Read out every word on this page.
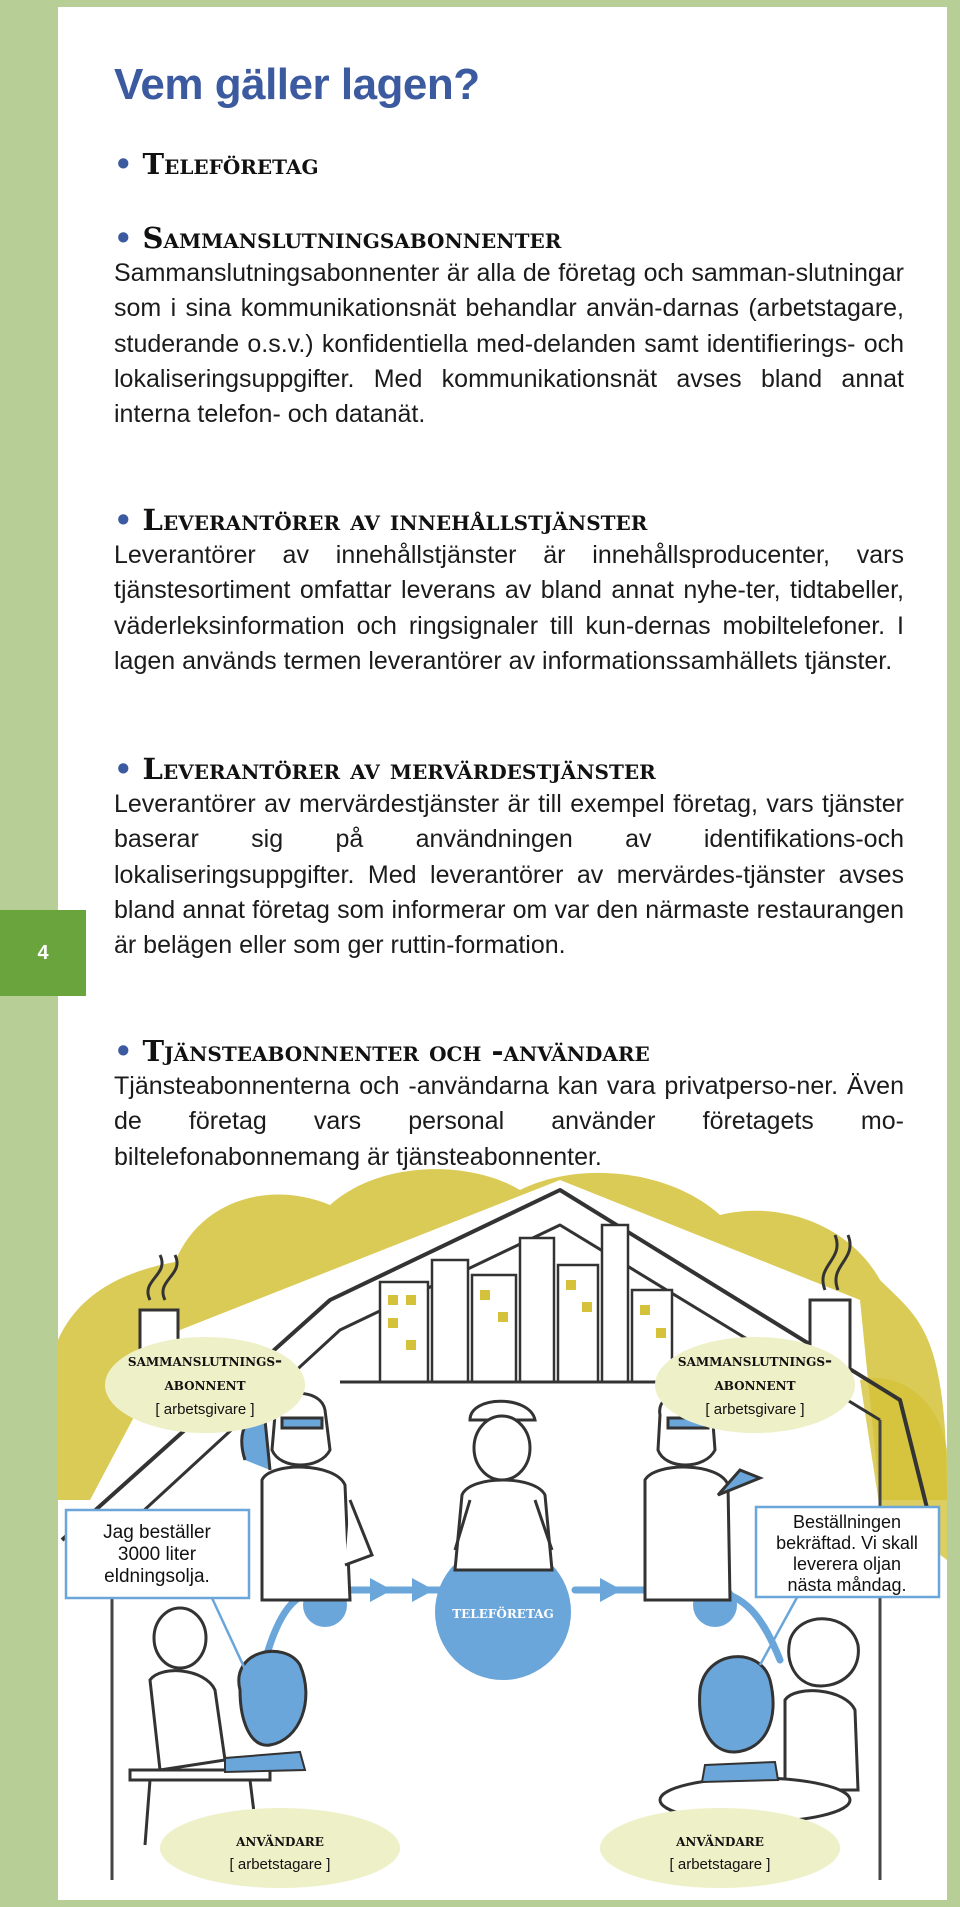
4
Vem gäller lagen?
• Teleföretag
• Sammanslutningsabonnenter

Sammanslutningsabonnenter är alla de företag och samman-slutningar som i sina kommunikationsnät behandlar använ-darnas (arbetstagare, studerande o.s.v.) konfidentiella med-delanden samt identifierings- och lokaliseringsuppgifter. Med kommunikationsnät avses bland annat interna telefon- och datanät.

• Leverantörer av innehållstjänster

Leverantörer av innehållstjänster är innehållsproducenter, vars tjänstesortiment omfattar leverans av bland annat nyhe-ter, tidtabeller, väderleksinformation och ringsignaler till kun-dernas mobiltelefoner. I lagen används termen leverantörer av informationssamhällets tjänster.

• Leverantörer av mervärdestjänster

Leverantörer av mervärdestjänster är till exempel företag, vars tjänster baserar sig på användningen av identifikations-och lokaliseringsuppgifter. Med leverantörer av mervärdes-tjänster avses bland annat företag som informerar om var den närmaste restaurangen är belägen eller som ger ruttin-formation.

• Tjänsteabonnenter och -användare

Tjänsteabonnenterna och -användarna kan vara privatperso-ner. Även de företag vars personal använder företagets mo-biltelefonabonnemang är tjänsteabonnenter.

sammanslutnings-
abonnent
[ arbetsgivare ]
sammanslutnings-
abonnent
[ arbetsgivare ]
Jag beställer
3000 liter
eldningsolja.
Beställningen
bekräftad. Vi skall
leverera oljan
nästa måndag.
teleföretag
användare
[ arbetstagare ]
användare
[ arbetstagare ]
